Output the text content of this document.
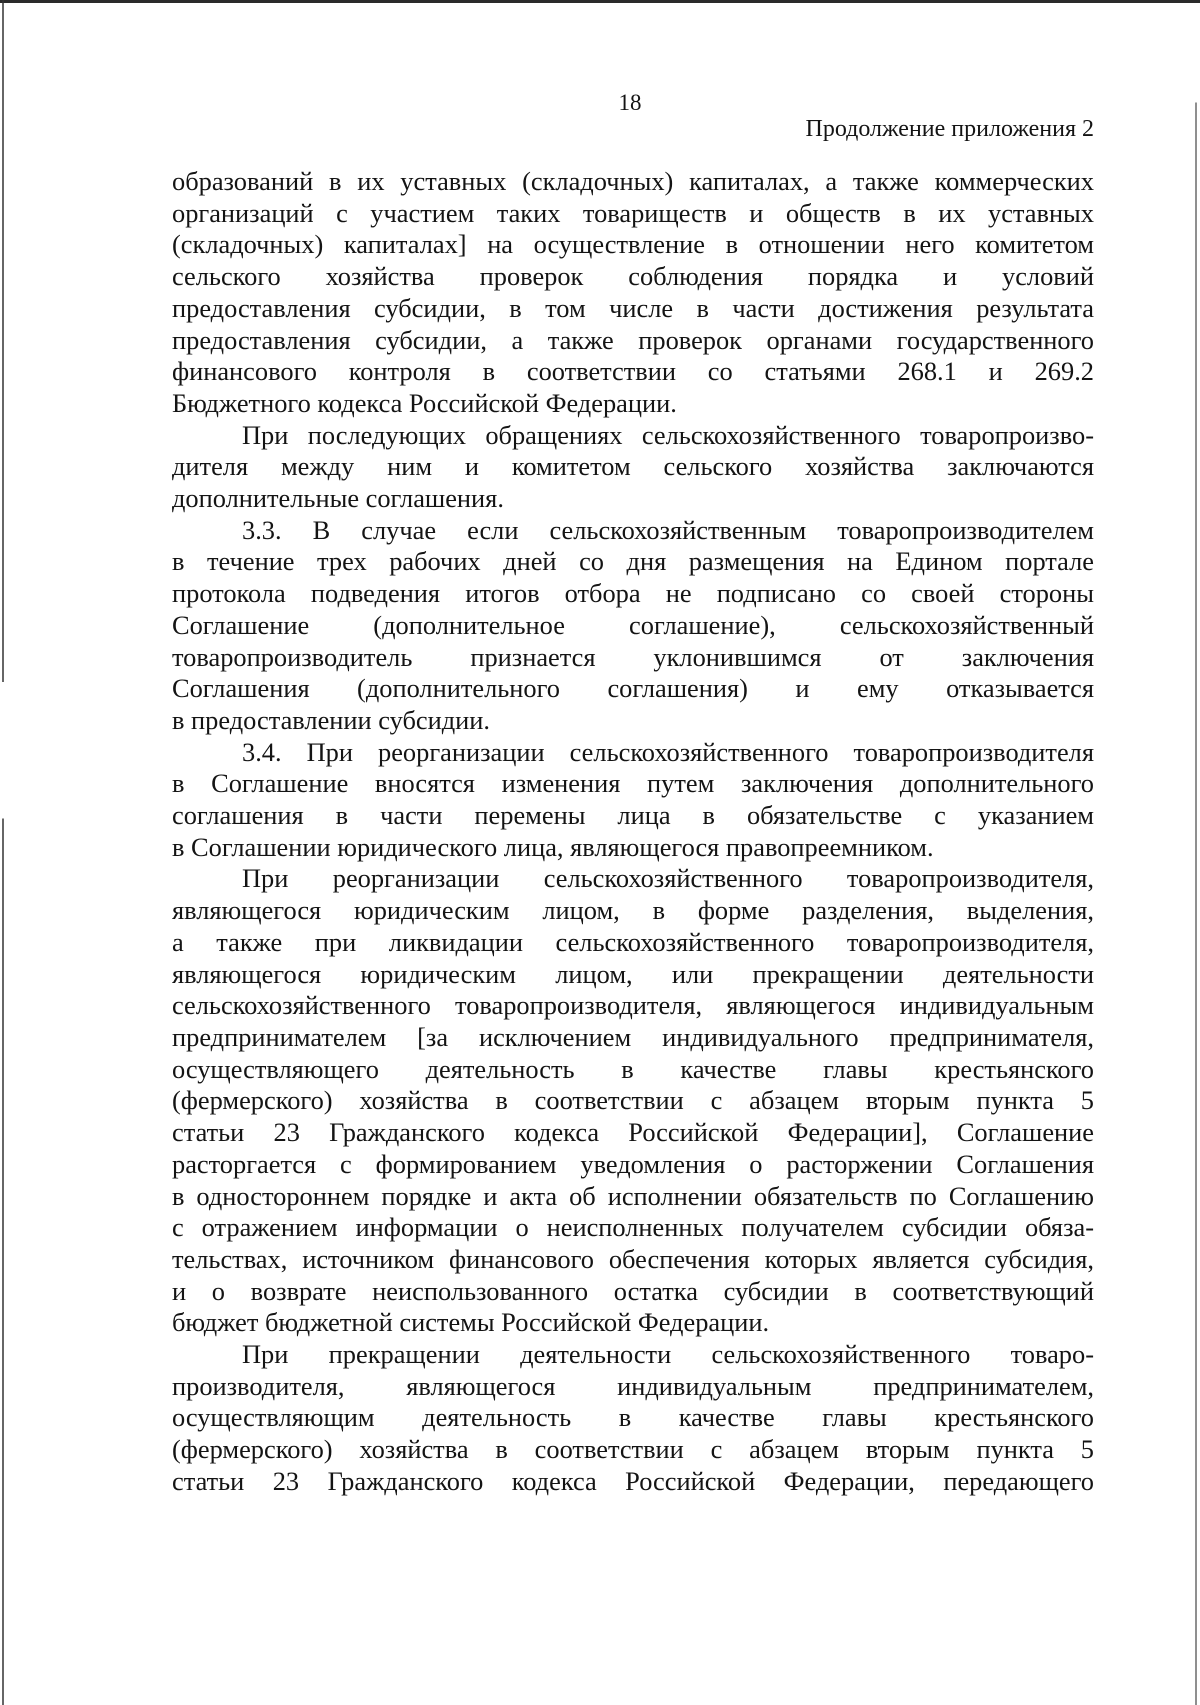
18
Продолжение приложения 2
образований в их уставных (складочных) капиталах, а также коммерческих
организаций с участием таких товариществ и обществ в их уставных
(складочных) капиталах] на осуществление в отношении него комитетом
сельского хозяйства проверок соблюдения порядка и условий
предоставления субсидии, в том числе в части достижения результата
предоставления субсидии, а также проверок органами государственного
финансового контроля в соответствии со статьями 268.1 и 269.2
Бюджетного кодекса Российской Федерации.
При последующих обращениях сельскохозяйственного товаропроизво-
дителя между ним и комитетом сельского хозяйства заключаются
дополнительные соглашения.
3.3. В случае если сельскохозяйственным товаропроизводителем
в течение трех рабочих дней со дня размещения на Едином портале
протокола подведения итогов отбора не подписано со своей стороны
Соглашение (дополнительное соглашение), сельскохозяйственный
товаропроизводитель признается уклонившимся от заключения
Соглашения (дополнительного соглашения) и ему отказывается
в предоставлении субсидии.
3.4. При реорганизации сельскохозяйственного товаропроизводителя
в Соглашение вносятся изменения путем заключения дополнительного
соглашения в части перемены лица в обязательстве с указанием
в Соглашении юридического лица, являющегося правопреемником.
При реорганизации сельскохозяйственного товаропроизводителя,
являющегося юридическим лицом, в форме разделения, выделения,
а также при ликвидации сельскохозяйственного товаропроизводителя,
являющегося юридическим лицом, или прекращении деятельности
сельскохозяйственного товаропроизводителя, являющегося индивидуальным
предпринимателем [за исключением индивидуального предпринимателя,
осуществляющего деятельность в качестве главы крестьянского
(фермерского) хозяйства в соответствии с абзацем вторым пункта 5
статьи 23 Гражданского кодекса Российской Федерации], Соглашение
расторгается с формированием уведомления о расторжении Соглашения
в одностороннем порядке и акта об исполнении обязательств по Соглашению
с отражением информации о неисполненных получателем субсидии обяза-
тельствах, источником финансового обеспечения которых является субсидия,
и о возврате неиспользованного остатка субсидии в соответствующий
бюджет бюджетной системы Российской Федерации.
При прекращении деятельности сельскохозяйственного товаро-
производителя, являющегося индивидуальным предпринимателем,
осуществляющим деятельность в качестве главы крестьянского
(фермерского) хозяйства в соответствии с абзацем вторым пункта 5
статьи 23 Гражданского кодекса Российской Федерации, передающего
